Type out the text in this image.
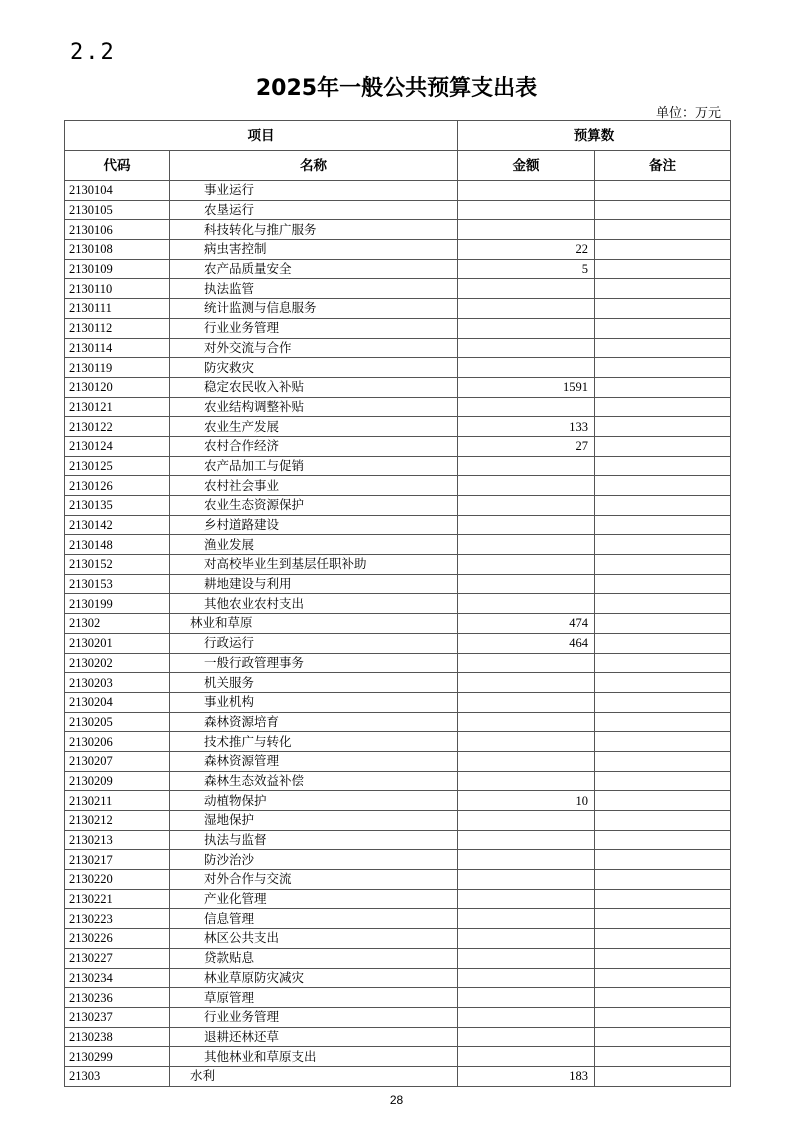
2.2
2025年一般公共预算支出表
单位：万元
项目		预算数	
代码	名称	金额	备注
2130104	事业运行		
2130105	农垦运行		
2130106	科技转化与推广服务		
2130108	病虫害控制	22	
2130109	农产品质量安全	5	
2130110	执法监管		
2130111	统计监测与信息服务		
2130112	行业业务管理		
2130114	对外交流与合作		
2130119	防灾救灾		
2130120	稳定农民收入补贴	1591	
2130121	农业结构调整补贴		
2130122	农业生产发展	133	
2130124	农村合作经济	27	
2130125	农产品加工与促销		
2130126	农村社会事业		
2130135	农业生态资源保护		
2130142	乡村道路建设		
2130148	渔业发展		
2130152	对高校毕业生到基层任职补助		
2130153	耕地建设与利用		
2130199	其他农业农村支出		
21302	林业和草原	474	
2130201	行政运行	464	
2130202	一般行政管理事务		
2130203	机关服务		
2130204	事业机构		
2130205	森林资源培育		
2130206	技术推广与转化		
2130207	森林资源管理		
2130209	森林生态效益补偿		
2130211	动植物保护	10	
2130212	湿地保护		
2130213	执法与监督		
2130217	防沙治沙		
2130220	对外合作与交流		
2130221	产业化管理		
2130223	信息管理		
2130226	林区公共支出		
2130227	贷款贴息		
2130234	林业草原防灾减灾		
2130236	草原管理		
2130237	行业业务管理		
2130238	退耕还林还草		
2130299	其他林业和草原支出		
21303	水利	183	
28
